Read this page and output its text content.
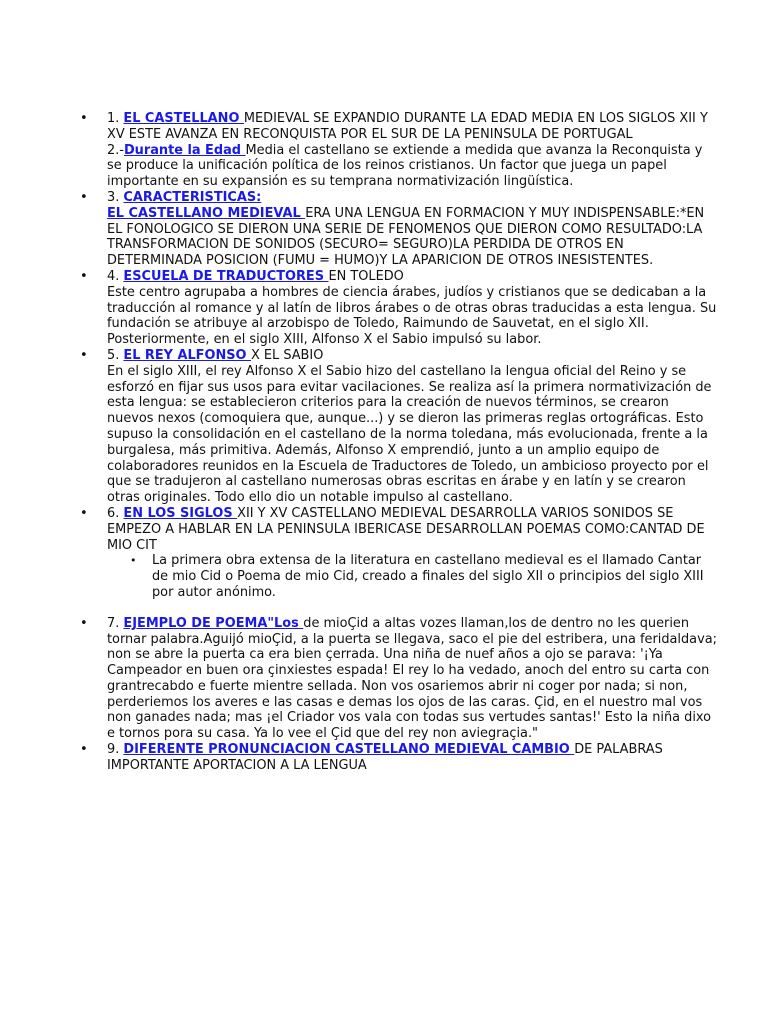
• 1. EL CASTELLANO MEDIEVAL SE EXPANDIO DURANTE LA EDAD MEDIA EN LOS SIGLOS XII Y XV ESTE AVANZA EN RECONQUISTA POR EL SUR DE LA PENINSULA DE PORTUGAL
2.-Durante la Edad Media el castellano se extiende a medida que avanza la Reconquista y se produce la unificación política de los reinos cristianos. Un factor que juega un papel importante en su expansión es su temprana normativización lingüística.
• 3. CARACTERISTICAS:
EL CASTELLANO MEDIEVAL ERA UNA LENGUA EN FORMACION Y MUY INDISPENSABLE:*EN EL FONOLOGICO SE DIERON UNA SERIE DE FENOMENOS QUE DIERON COMO RESULTADO:LA TRANSFORMACION DE SONIDOS (SECURO= SEGURO)LA PERDIDA DE OTROS EN DETERMINADA POSICION (FUMU = HUMO)Y LA APARICION DE OTROS INESISTENTES.
• 4. ESCUELA DE TRADUCTORES EN TOLEDO
Este centro agrupaba a hombres de ciencia árabes, judíos y cristianos que se dedicaban a la traducción al romance y al latín de libros árabes o de otras obras traducidas a esta lengua. Su fundación se atribuye al arzobispo de Toledo, Raimundo de Sauvetat, en el siglo XII. Posteriormente, en el siglo XIII, Alfonso X el Sabio impulsó su labor.
• 5. EL REY ALFONSO X EL SABIO
En el siglo XIII, el rey Alfonso X el Sabio hizo del castellano la lengua oficial del Reino y se esforzó en fijar sus usos para evitar vacilaciones. Se realiza así la primera normativización de esta lengua: se establecieron criterios para la creación de nuevos términos, se crearon nuevos nexos (comoquiera que, aunque...) y se dieron las primeras reglas ortográficas. Esto supuso la consolidación en el castellano de la norma toledana, más evolucionada, frente a la burgalesa, más primitiva. Además, Alfonso X emprendió, junto a un amplio equipo de colaboradores reunidos en la Escuela de Traductores de Toledo, un ambicioso proyecto por el que se tradujeron al castellano numerosas obras escritas en árabe y en latín y se crearon otras originales. Todo ello dio un notable impulso al castellano.
• 6. EN LOS SIGLOS XII Y XV CASTELLANO MEDIEVAL DESARROLLA VARIOS SONIDOS SE EMPEZO A HABLAR EN LA PENINSULA IBERICASE DESARROLLAN POEMAS COMO:CANTAD DE MIO CIT
• La primera obra extensa de la literatura en castellano medieval es el llamado Cantar de mio Cid o Poema de mio Cid, creado a finales del siglo XII o principios del siglo XIII por autor anónimo.
• 7. EJEMPLO DE POEMA"Los de mioÇid a altas vozes llaman,los de dentro no les querien tornar palabra.Aguijó mioÇid, a la puerta se llegava, saco el pie del estribera, una feridaldava; non se abre la puerta ca era bien çerrada. Una niña de nuef años a ojo se parava: '¡Ya Campeador en buen ora çinxiestes espada! El rey lo ha vedado, anoch del entro su carta con grantrecabdo e fuerte mientre sellada. Non vos osariemos abrir ni coger por nada; si non, perderiemos los averes e las casas e demas los ojos de las caras. Çid, en el nuestro mal vos non ganades nada; mas ¡el Criador vos vala con todas sus vertudes santas!' Esto la niña dixo e tornos pora su casa. Ya lo vee el Çid que del rey non aviegraçia."
• 9. DIFERENTE PRONUNCIACION CASTELLANO MEDIEVAL CAMBIO DE PALABRAS IMPORTANTE APORTACION A LA LENGUA
